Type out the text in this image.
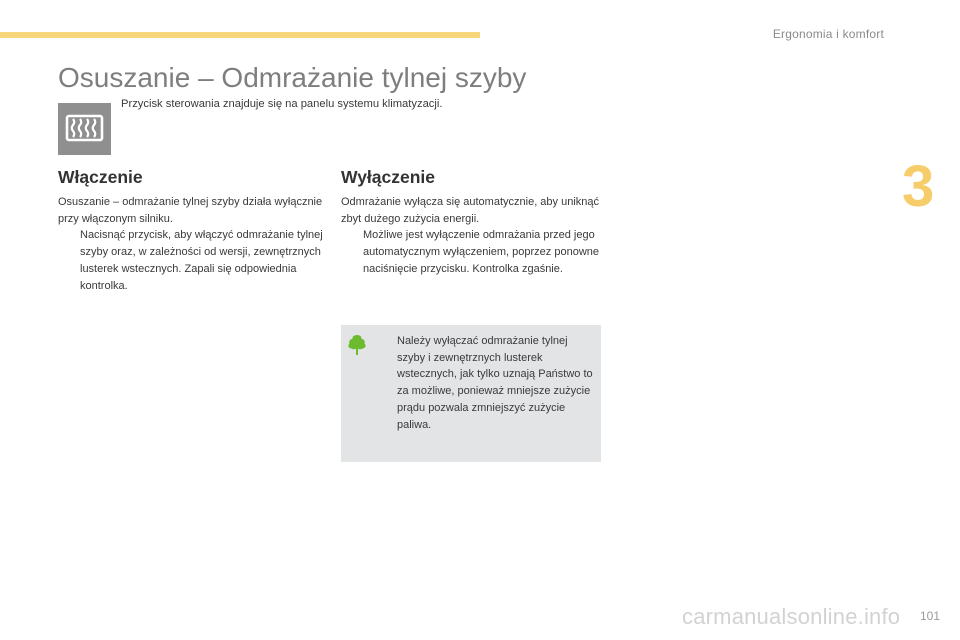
Ergonomia i komfort
3
Osuszanie – Odmrażanie tylnej szyby
Przycisk sterowania znajduje się na panelu systemu klimatyzacji.
Włączenie

Osuszanie – odmrażanie tylnej szyby działa wyłącznie przy włączonym silniku.

Nacisnąć przycisk, aby włączyć odmrażanie tylnej szyby oraz, w zależności od wersji, zewnętrznych lusterek wstecznych. Zapali się odpowiednia kontrolka.

Wyłączenie

Odmrażanie wyłącza się automatycznie, aby uniknąć zbyt dużego zużycia energii.

Możliwe jest wyłączenie odmrażania przed jego automatycznym wyłączeniem, poprzez ponowne naciśnięcie przycisku. Kontrolka zgaśnie.

Należy wyłączać odmrażanie tylnej szyby i zewnętrznych lusterek wstecznych, jak tylko uznają Państwo to za możliwe, ponieważ mniejsze zużycie prądu pozwala zmniejszyć zużycie paliwa.

carmanualsonline.info 101
